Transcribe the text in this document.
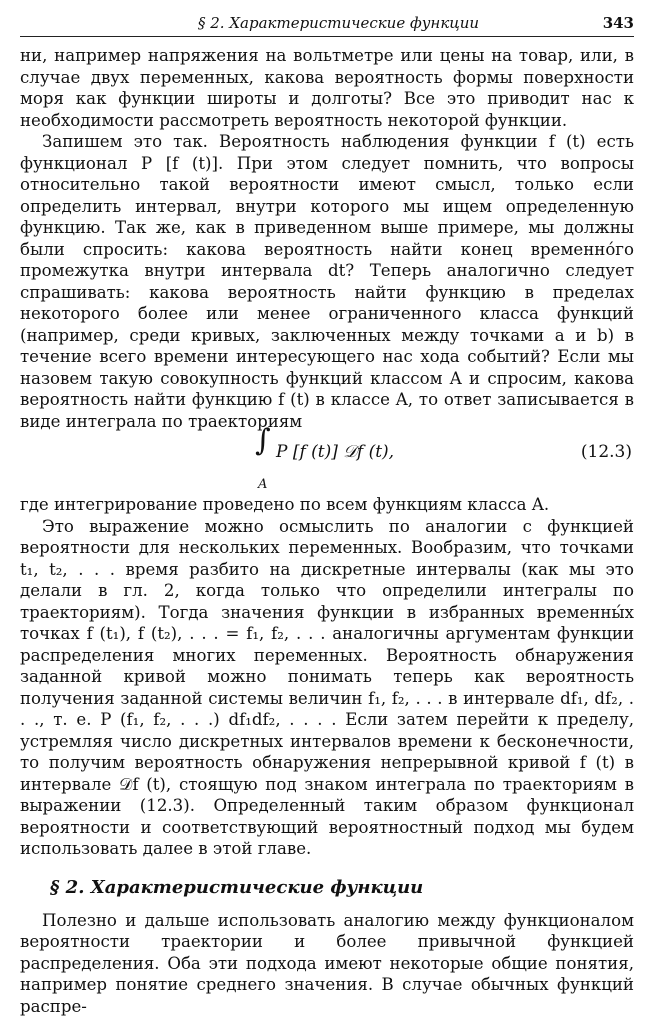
§ 2. Характеристические функции	343

ни, например напряжения на вольтметре или цены на товар, или, в случае двух переменных, какова вероятность формы поверхности моря как функции широты и долготы? Все это приводит нас к необходимости рассмотреть вероятность некоторой функции.

Запишем это так. Вероятность наблюдения функции f (t) есть функционал P [f (t)]. При этом следует помнить, что вопросы относительно такой вероятности имеют смысл, только если определить интервал, внутри которого мы ищем определенную функцию. Так же, как в приведенном выше примере, мы должны были спросить: какова вероятность найти конец временно́го промежутка внутри интервала dt? Теперь аналогично следует спрашивать: какова вероятность найти функцию в пределах некоторого более или менее ограниченного класса функций (например, среди кривых, заключенных между точками a и b) в течение всего времени интересующего нас хода событий? Если мы назовем такую совокупность функций классом A и спросим, какова вероятность найти функцию f (t) в классе A, то ответ записывается в виде интеграла по траекториям

∫
A
P [f (t)] 𝒟f (t),	(12.3)

где интегрирование проведено по всем функциям класса A.

Это выражение можно осмыслить по аналогии с функцией вероятности для нескольких переменных. Вообразим, что точками t₁, t₂, . . . время разбито на дискретные интервалы (как мы это делали в гл. 2, когда только что определили интегралы по траекториям). Тогда значения функции в избранных временны́х точках f (t₁), f (t₂), . . . = f₁, f₂, . . . аналогичны аргументам функции распределения многих переменных. Вероятность обнаружения заданной кривой можно понимать теперь как вероятность получения заданной системы величин f₁, f₂, . . . в интервале df₁, df₂, . . ., т. е. P (f₁, f₂, . . .) df₁df₂, . . . . Если затем перейти к пределу, устремляя число дискретных интервалов времени к бесконечности, то получим вероятность обнаружения непрерывной кривой f (t) в интервале 𝒟f (t), стоящую под знаком интеграла по траекториям в выражении (12.3). Определенный таким образом функционал вероятности и соответствующий вероятностный подход мы будем использовать далее в этой главе.

§ 2. Характеристические функции

Полезно и дальше использовать аналогию между функционалом вероятности траектории и более привычной функцией распределения. Оба эти подхода имеют некоторые общие понятия, например понятие среднего значения. В случае обычных функций распре-
